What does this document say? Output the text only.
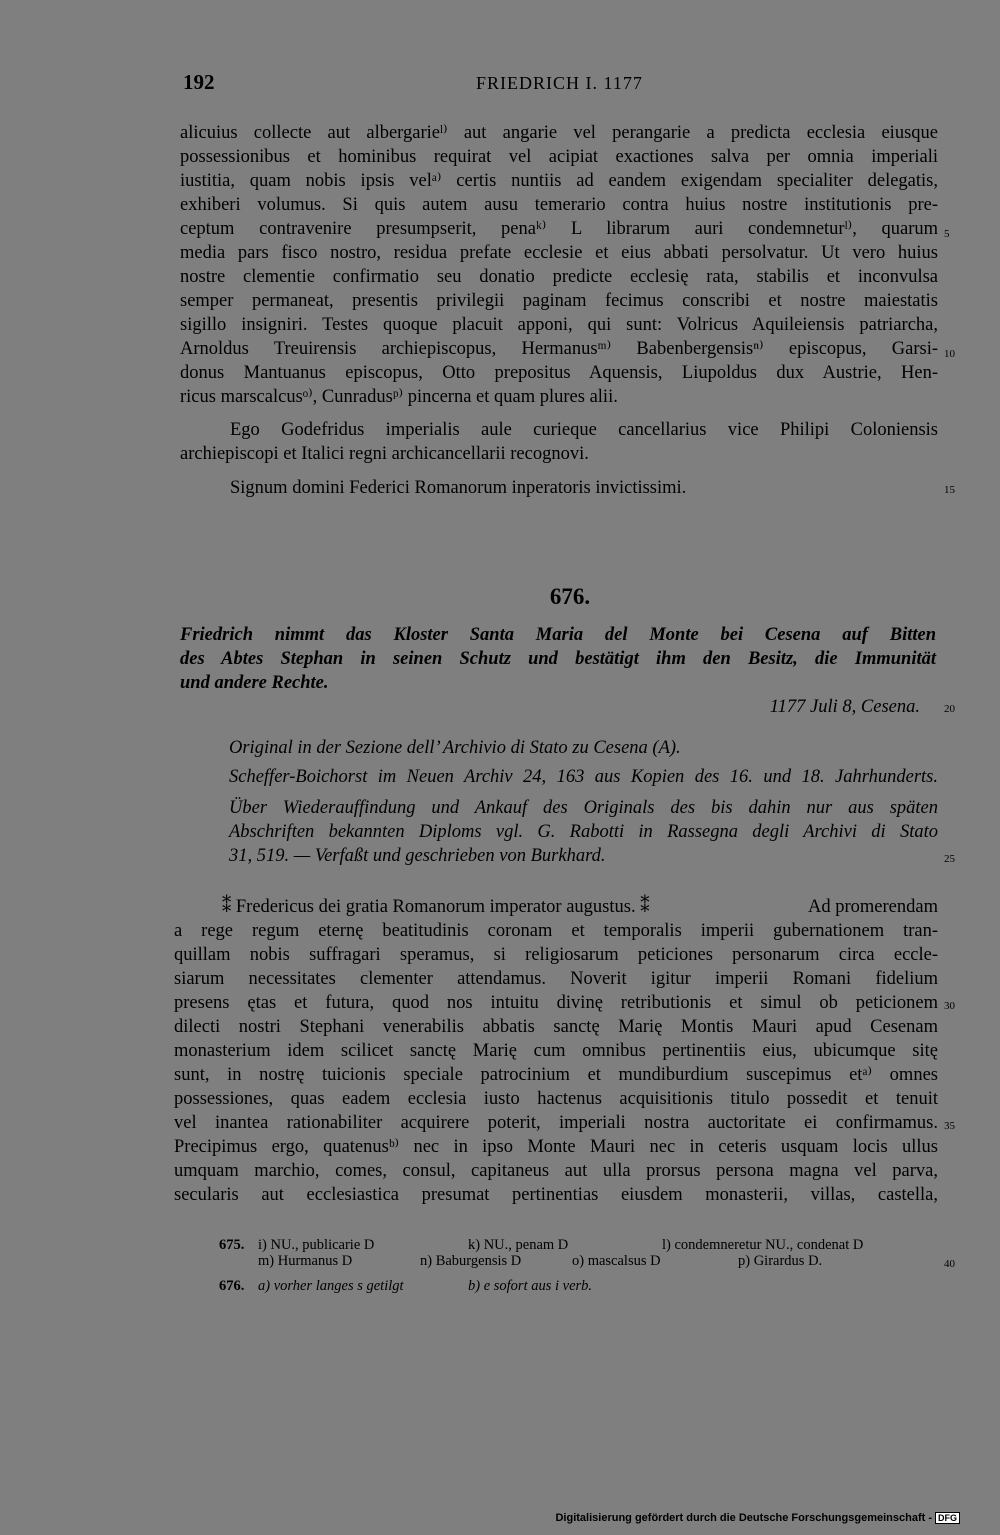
192	FRIEDRICH I. 1177
alicuius collecte aut albergarieˡ⁾ aut angarie vel perangarie a predicta ecclesia eiusque
possessionibus et hominibus requirat vel acipiat exactiones salva per omnia imperiali
iustitia, quam nobis ipsis velᵃ⁾ certis nuntiis ad eandem exigendam specialiter delegatis,
exhiberi volumus. Si quis autem ausu temerario contra huius nostre institutionis pre-
ceptum contravenire presumpserit, penaᵏ⁾ L librarum auri condemneturˡ⁾, quarum
media pars fisco nostro, residua prefate ecclesie et eius abbati persolvatur. Ut vero huius
nostre clementie confirmatio seu donatio predicte ecclesię rata, stabilis et inconvulsa
semper permaneat, presentis privilegii paginam fecimus conscribi et nostre maiestatis
sigillo insigniri. Testes quoque placuit apponi, qui sunt: Volricus Aquileiensis patriarcha,
Arnoldus Treuirensis archiepiscopus, Hermanusᵐ⁾ Babenbergensisⁿ⁾ episcopus, Garsi-
donus Mantuanus episcopus, Otto prepositus Aquensis, Liupoldus dux Austrie, Hen-
ricus marscalcusᵒ⁾, Cunradusᵖ⁾ pincerna et quam plures alii.
Ego Godefridus imperialis aule curieque cancellarius vice Philipi Coloniensis
archiepiscopi et Italici regni archicancellarii recognovi.
Signum domini Federici Romanorum inperatoris invictissimi.
5
10
15
676.
Friedrich nimmt das Kloster Santa Maria del Monte bei Cesena auf Bitten
des Abtes Stephan in seinen Schutz und bestätigt ihm den Besitz, die Immunität
und andere Rechte.
1177 Juli 8, Cesena. 20
Original in der Sezione dell’ Archivio di Stato zu Cesena (A).
Scheffer-Boichorst im Neuen Archiv 24, 163 aus Kopien des 16. und 18. Jahrhunderts.
Über Wiederauffindung und Ankauf des Originals des bis dahin nur aus späten
Abschriften bekannten Diploms vgl. G. Rabotti in Rassegna degli Archivi di Stato
31, 519. — Verfaßt und geschrieben von Burkhard.	25
⁑ Fredericus dei gratia Romanorum imperator augustus. ⁑	Ad promerendam
a rege regum eternę beatitudinis coronam et temporalis imperii gubernationem tran-
quillam nobis suffragari speramus, si religiosarum peticiones personarum circa eccle-
siarum necessitates clementer attendamus. Noverit igitur imperii Romani fidelium
presens ętas et futura, quod nos intuitu divinę retributionis et simul ob peticionem
dilecti nostri Stephani venerabilis abbatis sanctę Marię Montis Mauri apud Cesenam
monasterium idem scilicet sanctę Marię cum omnibus pertinentiis eius, ubicumque sitę
sunt, in nostrę tuicionis speciale patrocinium et mundiburdium suscepimus etᵃ⁾ omnes
possessiones, quas eadem ecclesia iusto hactenus acquisitionis titulo possedit et tenuit
vel inantea rationabiliter acquirere poterit, imperiali nostra auctoritate ei confirmamus.
Precipimus ergo, quatenusᵇ⁾ nec in ipso Monte Mauri nec in ceteris usquam locis ullus
umquam marchio, comes, consul, capitaneus aut ulla prorsus persona magna vel parva,
secularis aut ecclesiastica presumat pertinentias eiusdem monasterii, villas, castella,
30
35
675. i) NU., publicarie D	k) NU., penam D	l) condemneretur NU., condenat D
m) Hurmanus D	n) Baburgensis D	o) mascalsus D	p) Girardus D.
676. a) vorher langes s getilgt	b) e sofort aus i verb.
40
Digitalisierung gefördert durch die Deutsche Forschungsgemeinschaft - DFG
